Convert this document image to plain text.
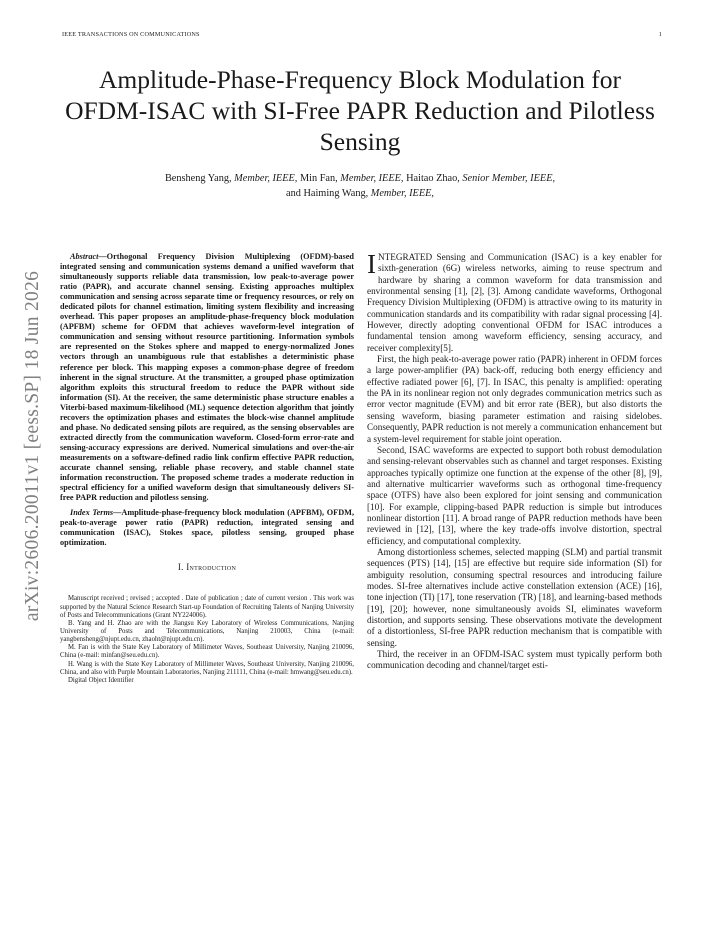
IEEE TRANSACTIONS ON COMMUNICATIONS	1
Amplitude-Phase-Frequency Block Modulation for OFDM-ISAC with SI-Free PAPR Reduction and Pilotless Sensing
Bensheng Yang, Member, IEEE, Min Fan, Member, IEEE, Haitao Zhao, Senior Member, IEEE,
and Haiming Wang, Member, IEEE,
arXiv:2606.20011v1 [eess.SP] 18 Jun 2026

Abstract—Orthogonal Frequency Division Multiplexing (OFDM)-based integrated sensing and communication systems demand a unified waveform that simultaneously supports reliable data transmission, low peak-to-average power ratio (PAPR), and accurate channel sensing. Existing approaches multiplex communication and sensing across separate time or frequency resources, or rely on dedicated pilots for channel estimation, limiting system flexibility and increasing overhead. This paper proposes an amplitude-phase-frequency block modulation (APFBM) scheme for OFDM that achieves waveform-level integration of communication and sensing without resource partitioning. Information symbols are represented on the Stokes sphere and mapped to energy-normalized Jones vectors through an unambiguous rule that establishes a deterministic phase reference per block. This mapping exposes a common-phase degree of freedom inherent in the signal structure. At the transmitter, a grouped phase optimization algorithm exploits this structural freedom to reduce the PAPR without side information (SI). At the receiver, the same deterministic phase structure enables a Viterbi-based maximum-likelihood (ML) sequence detection algorithm that jointly recovers the optimization phases and estimates the block-wise channel amplitude and phase. No dedicated sensing pilots are required, as the sensing observables are extracted directly from the communication waveform. Closed-form error-rate and sensing-accuracy expressions are derived. Numerical simulations and over-the-air measurements on a software-defined radio link confirm effective PAPR reduction, accurate channel sensing, reliable phase recovery, and stable channel state information reconstruction. The proposed scheme trades a moderate reduction in spectral efficiency for a unified waveform design that simultaneously delivers SI-free PAPR reduction and pilotless sensing.

Index Terms—Amplitude-phase-frequency block modulation (APFBM), OFDM, peak-to-average power ratio (PAPR) reduction, integrated sensing and communication (ISAC), Stokes space, pilotless sensing, grouped phase optimization.

I. Introduction

Manuscript received ; revised ; accepted . Date of publication ; date of current version . This work was supported by the Natural Science Research Start-up Foundation of Recruiting Talents of Nanjing University of Posts and Telecommunications (Grant NY224006).

B. Yang and H. Zhao are with the Jiangsu Key Laboratory of Wireless Communications, Nanjing University of Posts and Telecommunications, Nanjing 210003, China (e-mail: yangbensheng@njupt.edu.cn, zhaoht@njupt.edu.cn).

M. Fan is with the State Key Laboratory of Millimeter Waves, Southeast University, Nanjing 210096, China (e-mail: minfan@seu.edu.cn).

H. Wang is with the State Key Laboratory of Millimeter Waves, Southeast University, Nanjing 210096, China, and also with Purple Mountain Laboratories, Nanjing 211111, China (e-mail: hmwang@seu.edu.cn).

Digital Object Identifier

INTEGRATED Sensing and Communication (ISAC) is a key enabler for sixth-generation (6G) wireless networks, aiming to reuse spectrum and hardware by sharing a common waveform for data transmission and environmental sensing [1], [2], [3]. Among candidate waveforms, Orthogonal Frequency Division Multiplexing (OFDM) is attractive owing to its maturity in communication standards and its compatibility with radar signal processing [4]. However, directly adopting conventional OFDM for ISAC introduces a fundamental tension among waveform efficiency, sensing accuracy, and receiver complexity[5].

First, the high peak-to-average power ratio (PAPR) inherent in OFDM forces a large power-amplifier (PA) back-off, reducing both energy efficiency and effective radiated power [6], [7]. In ISAC, this penalty is amplified: operating the PA in its nonlinear region not only degrades communication metrics such as error vector magnitude (EVM) and bit error rate (BER), but also distorts the sensing waveform, biasing parameter estimation and raising sidelobes. Consequently, PAPR reduction is not merely a communication enhancement but a system-level requirement for stable joint operation.

Second, ISAC waveforms are expected to support both robust demodulation and sensing-relevant observables such as channel and target responses. Existing approaches typically optimize one function at the expense of the other [8], [9], and alternative multicarrier waveforms such as orthogonal time-frequency space (OTFS) have also been explored for joint sensing and communication [10]. For example, clipping-based PAPR reduction is simple but introduces nonlinear distortion [11]. A broad range of PAPR reduction methods have been reviewed in [12], [13], where the key trade-offs involve distortion, spectral efficiency, and computational complexity.

Among distortionless schemes, selected mapping (SLM) and partial transmit sequences (PTS) [14], [15] are effective but require side information (SI) for ambiguity resolution, consuming spectral resources and introducing failure modes. SI-free alternatives include active constellation extension (ACE) [16], tone injection (TI) [17], tone reservation (TR) [18], and learning-based methods [19], [20]; however, none simultaneously avoids SI, eliminates waveform distortion, and supports sensing. These observations motivate the development of a distortionless, SI-free PAPR reduction mechanism that is compatible with sensing.

Third, the receiver in an OFDM-ISAC system must typically perform both communication decoding and channel/target esti-
